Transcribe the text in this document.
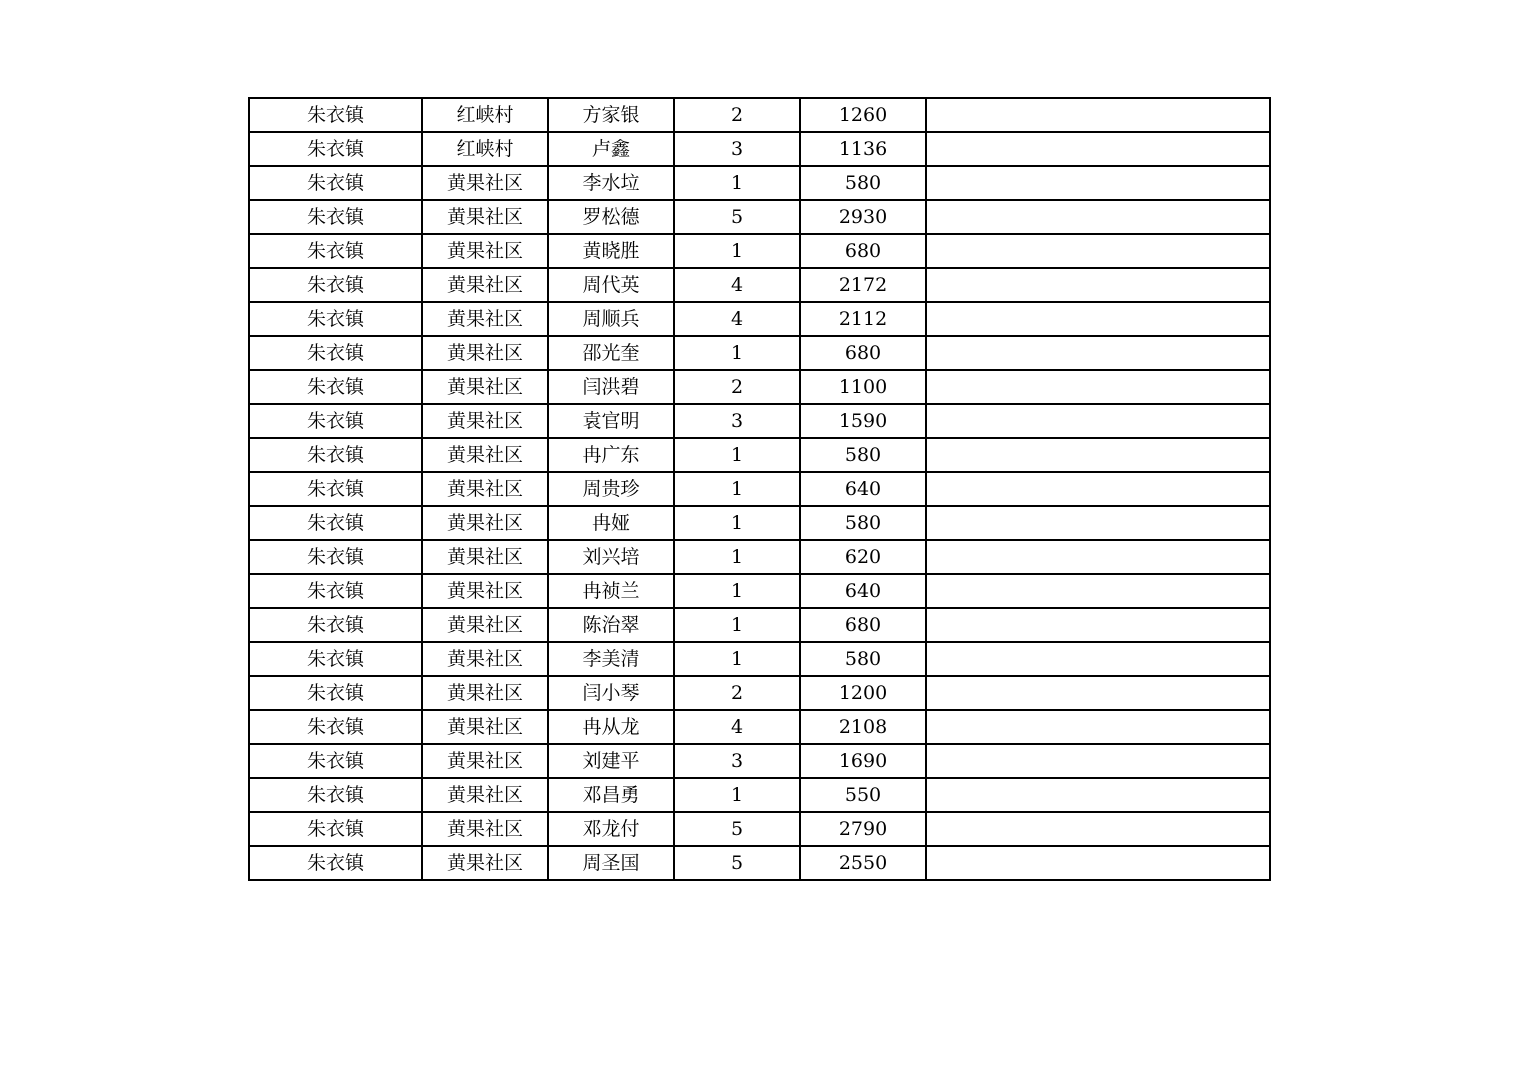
朱衣镇	红峡村	方家银	2	1260	
朱衣镇	红峡村	卢鑫	3	1136	
朱衣镇	黄果社区	李水垃	1	580	
朱衣镇	黄果社区	罗松德	5	2930	
朱衣镇	黄果社区	黄晓胜	1	680	
朱衣镇	黄果社区	周代英	4	2172	
朱衣镇	黄果社区	周顺兵	4	2112	
朱衣镇	黄果社区	邵光奎	1	680	
朱衣镇	黄果社区	闫洪碧	2	1100	
朱衣镇	黄果社区	袁官明	3	1590	
朱衣镇	黄果社区	冉广东	1	580	
朱衣镇	黄果社区	周贵珍	1	640	
朱衣镇	黄果社区	冉娅	1	580	
朱衣镇	黄果社区	刘兴培	1	620	
朱衣镇	黄果社区	冉祯兰	1	640	
朱衣镇	黄果社区	陈治翠	1	680	
朱衣镇	黄果社区	李美清	1	580	
朱衣镇	黄果社区	闫小琴	2	1200	
朱衣镇	黄果社区	冉从龙	4	2108	
朱衣镇	黄果社区	刘建平	3	1690	
朱衣镇	黄果社区	邓昌勇	1	550	
朱衣镇	黄果社区	邓龙付	5	2790	
朱衣镇	黄果社区	周圣国	5	2550	
